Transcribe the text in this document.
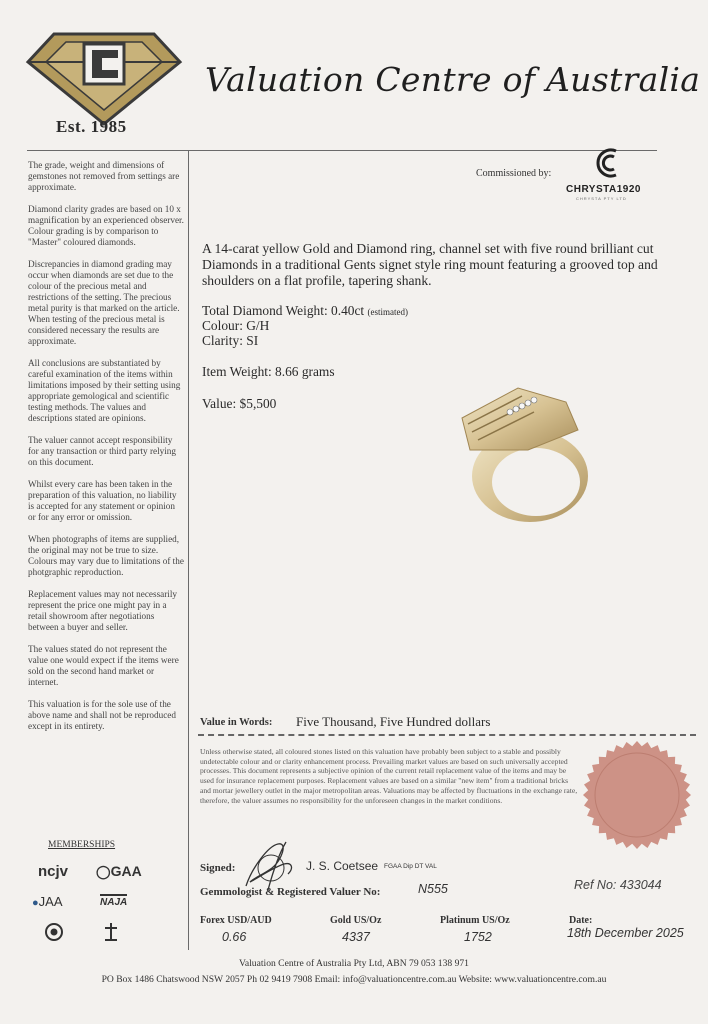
Est. 1985
Valuation Centre of Australia

The grade, weight and dimensions of gemstones not removed from settings are approximate.

Diamond clarity grades are based on 10 x magnification by an experienced observer. Colour grading is by comparison to "Master" coloured diamonds.

Discrepancies in diamond grading may occur when diamonds are set due to the colour of the precious metal and restrictions of the setting. The precious metal purity is that marked on the article. When testing of the precious metal is considered necessary the results are approximate.

All conclusions are substantiated by careful examination of the items within limitations imposed by their setting using appropriate gemological and scientific testing methods. The values and descriptions stated are opinions.

The valuer cannot accept responsibility for any transaction or third party relying on this document.

Whilst every care has been taken in the preparation of this valuation, no liability is accepted for any statement or opinion or for any error or omission.

When photographs of items are supplied, the original may not be true to size. Colours may vary due to limitations of the photgraphic reproduction.

Replacement values may not necessarily represent the price one might pay in a retail showroom after negotiations between a buyer and seller.

The values stated do not represent the value one would expect if the items were sold on the second hand market or internet.

This valuation is for the sole use of the above name and shall not be reproduced except in its entirety.

MEMBERSHIPS
ncjv ◯GAA
●JAA	NAJA
Commissioned by:
CHRYSTA1920
CHRYSTA PTY LTD
A 14-carat yellow Gold and Diamond ring, channel set with five round brilliant cut Diamonds in a traditional Gents signet style ring mount featuring a grooved top and shoulders on a flat profile, tapering shank.
Total Diamond Weight: 0.40ct (estimated)
Colour: G/H
Clarity: SI
Item Weight: 8.66 grams
Value: $5,500
Value in Words: Five Thousand, Five Hundred dollars
Unless otherwise stated, all coloured stones listed on this valuation have probably been subject to a stable and possibly undetectable colour and or clarity enhancement process. Prevailing market values are based on such universally accepted processes. This document represents a subjective opinion of the current retail replacement value of the items and may be used for insurance replacement purposes. Replacement values are based on a similar "new item" from a traditional bricks and mortar jewellery outlet in the major metropolitan areas. Valuations may be affected by fluctuations in the exchange rate, therefore, the valuer assumes no responsibility for the unforeseen changes in the market conditions.
Signed:	J. S. Coetsee FGAA Dip DT VAL
Gemmologist & Registered Valuer No:	N555	Ref No: 433044
Forex USD/AUD
0.66
Gold US/Oz
4337
Platinum US/Oz
1752
Date:
18th December 2025
Valuation Centre of Australia Pty Ltd, ABN 79 053 138 971
PO Box 1486 Chatswood NSW 2057 Ph 02 9419 7908 Email: info@valuationcentre.com.au Website: www.valuationcentre.com.au
